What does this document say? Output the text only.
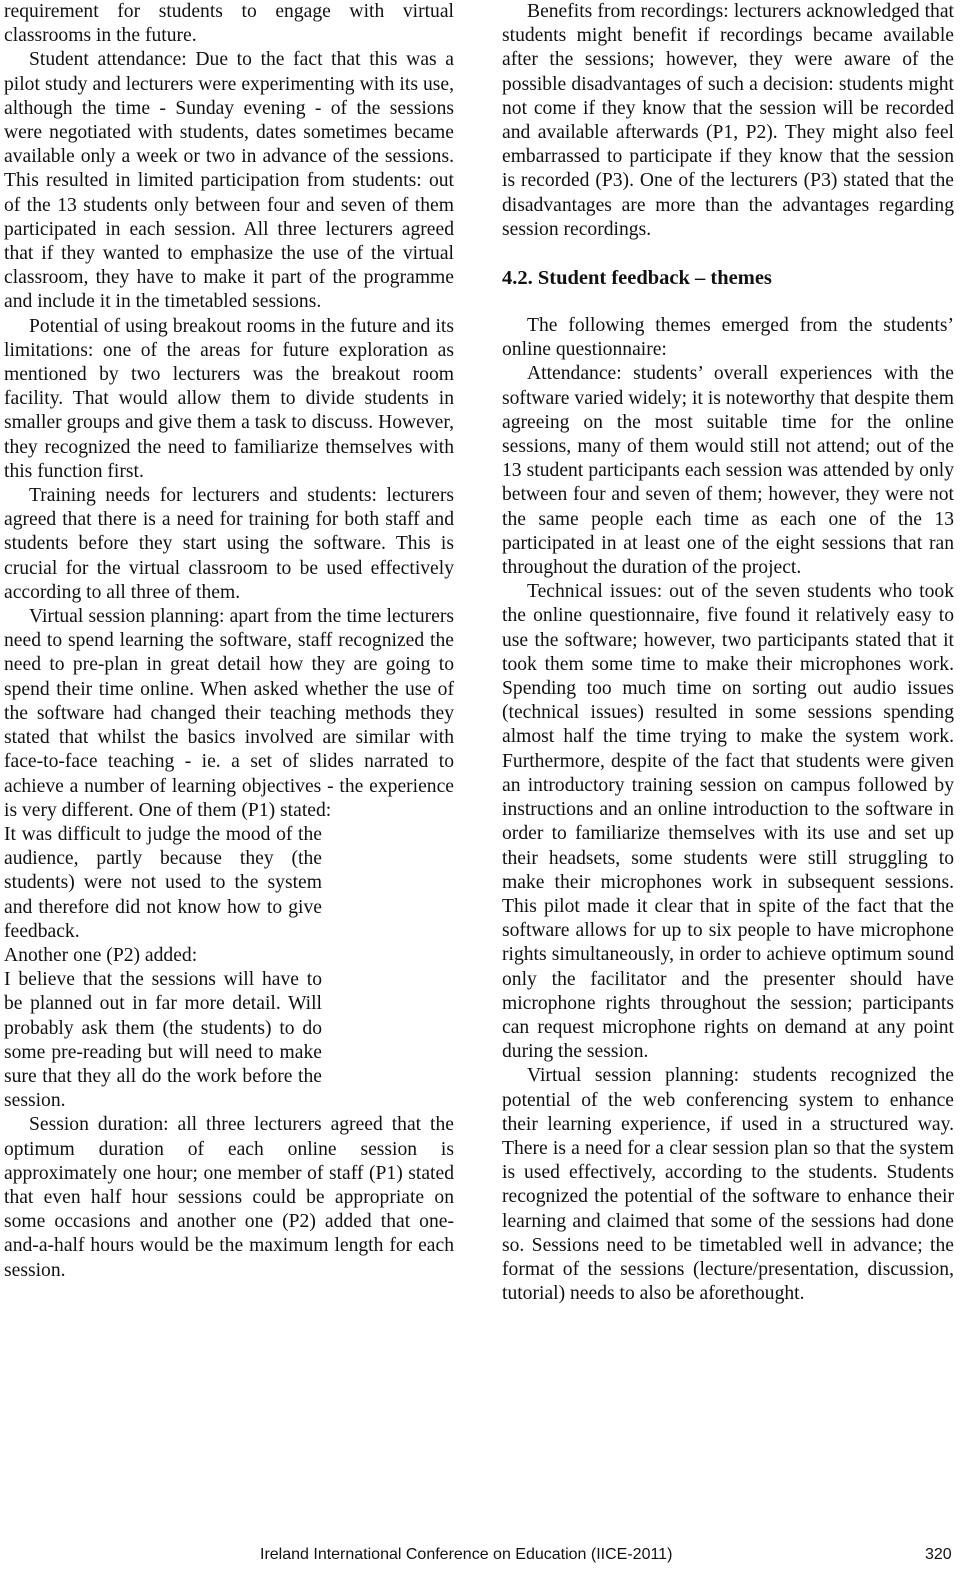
requirement for students to engage with virtual classrooms in the future.

Student attendance: Due to the fact that this was a pilot study and lecturers were experimenting with its use, although the time - Sunday evening - of the sessions were negotiated with students, dates sometimes became available only a week or two in advance of the sessions. This resulted in limited participation from students: out of the 13 students only between four and seven of them participated in each session. All three lecturers agreed that if they wanted to emphasize the use of the virtual classroom, they have to make it part of the programme and include it in the timetabled sessions.

Potential of using breakout rooms in the future and its limitations: one of the areas for future exploration as mentioned by two lecturers was the breakout room facility. That would allow them to divide students in smaller groups and give them a task to discuss. However, they recognized the need to familiarize themselves with this function first.

Training needs for lecturers and students: lecturers agreed that there is a need for training for both staff and students before they start using the software. This is crucial for the virtual classroom to be used effectively according to all three of them.

Virtual session planning: apart from the time lecturers need to spend learning the software, staff recognized the need to pre-plan in great detail how they are going to spend their time online. When asked whether the use of the software had changed their teaching methods they stated that whilst the basics involved are similar with face-to-face teaching - ie. a set of slides narrated to achieve a number of learning objectives - the experience is very different. One of them (P1) stated:

It was difficult to judge the mood of the audience, partly because they (the students) were not used to the system and therefore did not know how to give feedback.

Another one (P2) added:

I believe that the sessions will have to be planned out in far more detail. Will probably ask them (the students) to do some pre-reading but will need to make sure that they all do the work before the session.

Session duration: all three lecturers agreed that the optimum duration of each online session is approximately one hour; one member of staff (P1) stated that even half hour sessions could be appropriate on some occasions and another one (P2) added that one-and-a-half hours would be the maximum length for each session.

Benefits from recordings: lecturers acknowledged that students might benefit if recordings became available after the sessions; however, they were aware of the possible disadvantages of such a decision: students might not come if they know that the session will be recorded and available afterwards (P1, P2). They might also feel embarrassed to participate if they know that the session is recorded (P3). One of the lecturers (P3) stated that the disadvantages are more than the advantages regarding session recordings.

4.2. Student feedback – themes

The following themes emerged from the students’ online questionnaire:

Attendance: students’ overall experiences with the software varied widely; it is noteworthy that despite them agreeing on the most suitable time for the online sessions, many of them would still not attend; out of the 13 student participants each session was attended by only between four and seven of them; however, they were not the same people each time as each one of the 13 participated in at least one of the eight sessions that ran throughout the duration of the project.

Technical issues: out of the seven students who took the online questionnaire, five found it relatively easy to use the software; however, two participants stated that it took them some time to make their microphones work. Spending too much time on sorting out audio issues (technical issues) resulted in some sessions spending almost half the time trying to make the system work. Furthermore, despite of the fact that students were given an introductory training session on campus followed by instructions and an online introduction to the software in order to familiarize themselves with its use and set up their headsets, some students were still struggling to make their microphones work in subsequent sessions. This pilot made it clear that in spite of the fact that the software allows for up to six people to have microphone rights simultaneously, in order to achieve optimum sound only the facilitator and the presenter should have microphone rights throughout the session; participants can request microphone rights on demand at any point during the session.

Virtual session planning: students recognized the potential of the web conferencing system to enhance their learning experience, if used in a structured way. There is a need for a clear session plan so that the system is used effectively, according to the students. Students recognized the potential of the software to enhance their learning and claimed that some of the sessions had done so. Sessions need to be timetabled well in advance; the format of the sessions (lecture/presentation, discussion, tutorial) needs to also be aforethought.

Ireland International Conference on Education (IICE-2011)	320
